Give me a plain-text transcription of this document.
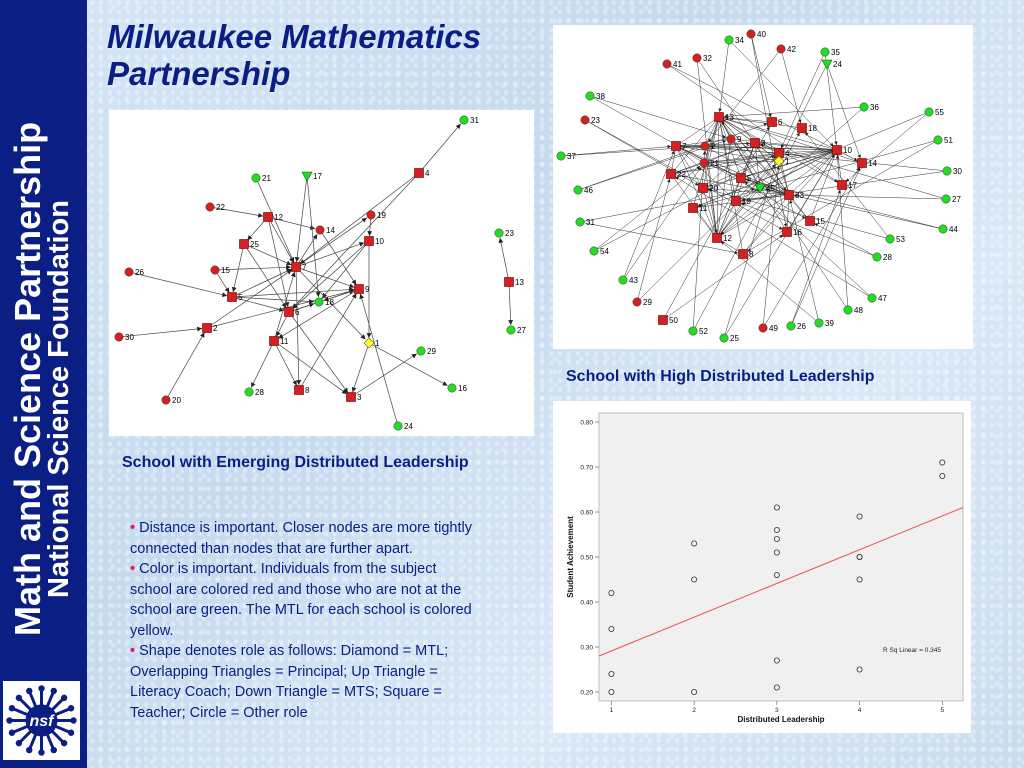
Math and Science Partnership
National Science Foundation
nsf
Milwaukee Mathematics Partnership
31
4
17
21
22
12
14
19
10
25
15
26
7
5
18
9
6
2
30	11	1
29
28	8
3
16
20
24
23
13
27
34
40
42	35
24
41
32
38
23
36
55
13
6
18
51
37
10
14
30
46
17
27
33
31	15
44
54
12
16
53
8	28
43
47
29
48
50
52
25
49 26 39
7	2
9 3
11
45
5
4
20
19
21
22
1
School with High Distributed Leadership
School with Emerging Distributed Leadership

• Distance is important. Closer nodes are more tightly connected than nodes that are further apart.

• Color is important. Individuals from the subject school are colored red and those who are not at the school are green. The MTL for each school is colored yellow.

• Shape denotes role as follows: Diamond = MTL; Overlapping Triangles = Principal; Up Triangle = Literacy Coach; Down Triangle = MTS; Square = Teacher; Circle = Other role

0.20
0.30
0.40
0.50
0.60
0.70
0.80
1	2	3	4	5
Distributed Leadership
Student Achievement
R Sq Linear = 0.345
